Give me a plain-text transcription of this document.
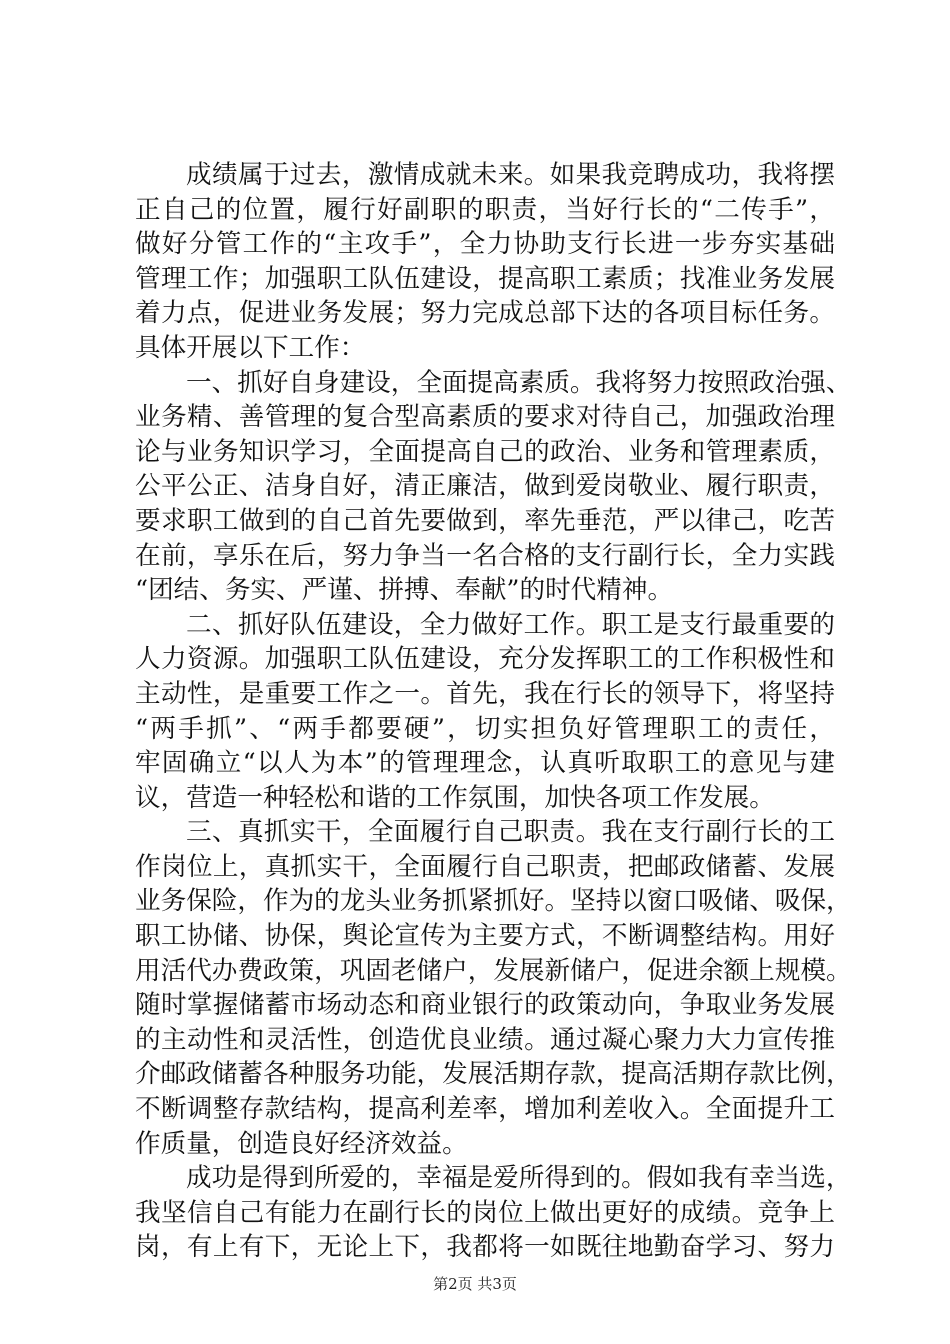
成绩属于过去，激情成就未来。如果我竞聘成功，我将摆
正自己的位置，履行好副职的职责，当好行长的“二传手”，
做好分管工作的“主攻手”，全力协助支行长进一步夯实基础
管理工作；加强职工队伍建设，提高职工素质；找准业务发展
着力点，促进业务发展；努力完成总部下达的各项目标任务。
具体开展以下工作：
一、抓好自身建设，全面提高素质。我将努力按照政治强、
业务精、善管理的复合型高素质的要求对待自己，加强政治理
论与业务知识学习，全面提高自己的政治、业务和管理素质，
公平公正、洁身自好，清正廉洁，做到爱岗敬业、履行职责，
要求职工做到的自己首先要做到，率先垂范，严以律己，吃苦
在前，享乐在后，努力争当一名合格的支行副行长，全力实践
“团结、务实、严谨、拼搏、奉献”的时代精神。
二、抓好队伍建设，全力做好工作。职工是支行最重要的
人力资源。加强职工队伍建设，充分发挥职工的工作积极性和
主动性，是重要工作之一。首先，我在行长的领导下，将坚持
“两手抓”、“两手都要硬”，切实担负好管理职工的责任，
牢固确立“以人为本”的管理理念，认真听取职工的意见与建
议，营造一种轻松和谐的工作氛围，加快各项工作发展。
三、真抓实干，全面履行自己职责。我在支行副行长的工
作岗位上，真抓实干，全面履行自己职责，把邮政储蓄、发展
业务保险，作为的龙头业务抓紧抓好。坚持以窗口吸储、吸保，
职工协储、协保，舆论宣传为主要方式，不断调整结构。用好
用活代办费政策，巩固老储户，发展新储户，促进余额上规模。
随时掌握储蓄市场动态和商业银行的政策动向，争取业务发展
的主动性和灵活性，创造优良业绩。通过凝心聚力大力宣传推
介邮政储蓄各种服务功能，发展活期存款，提高活期存款比例，
不断调整存款结构，提高利差率，增加利差收入。全面提升工
作质量，创造良好经济效益。
成功是得到所爱的，幸福是爱所得到的。假如我有幸当选，
我坚信自己有能力在副行长的岗位上做出更好的成绩。竞争上
岗，有上有下，无论上下，我都将一如既往地勤奋学习、努力
第2页 共3页
